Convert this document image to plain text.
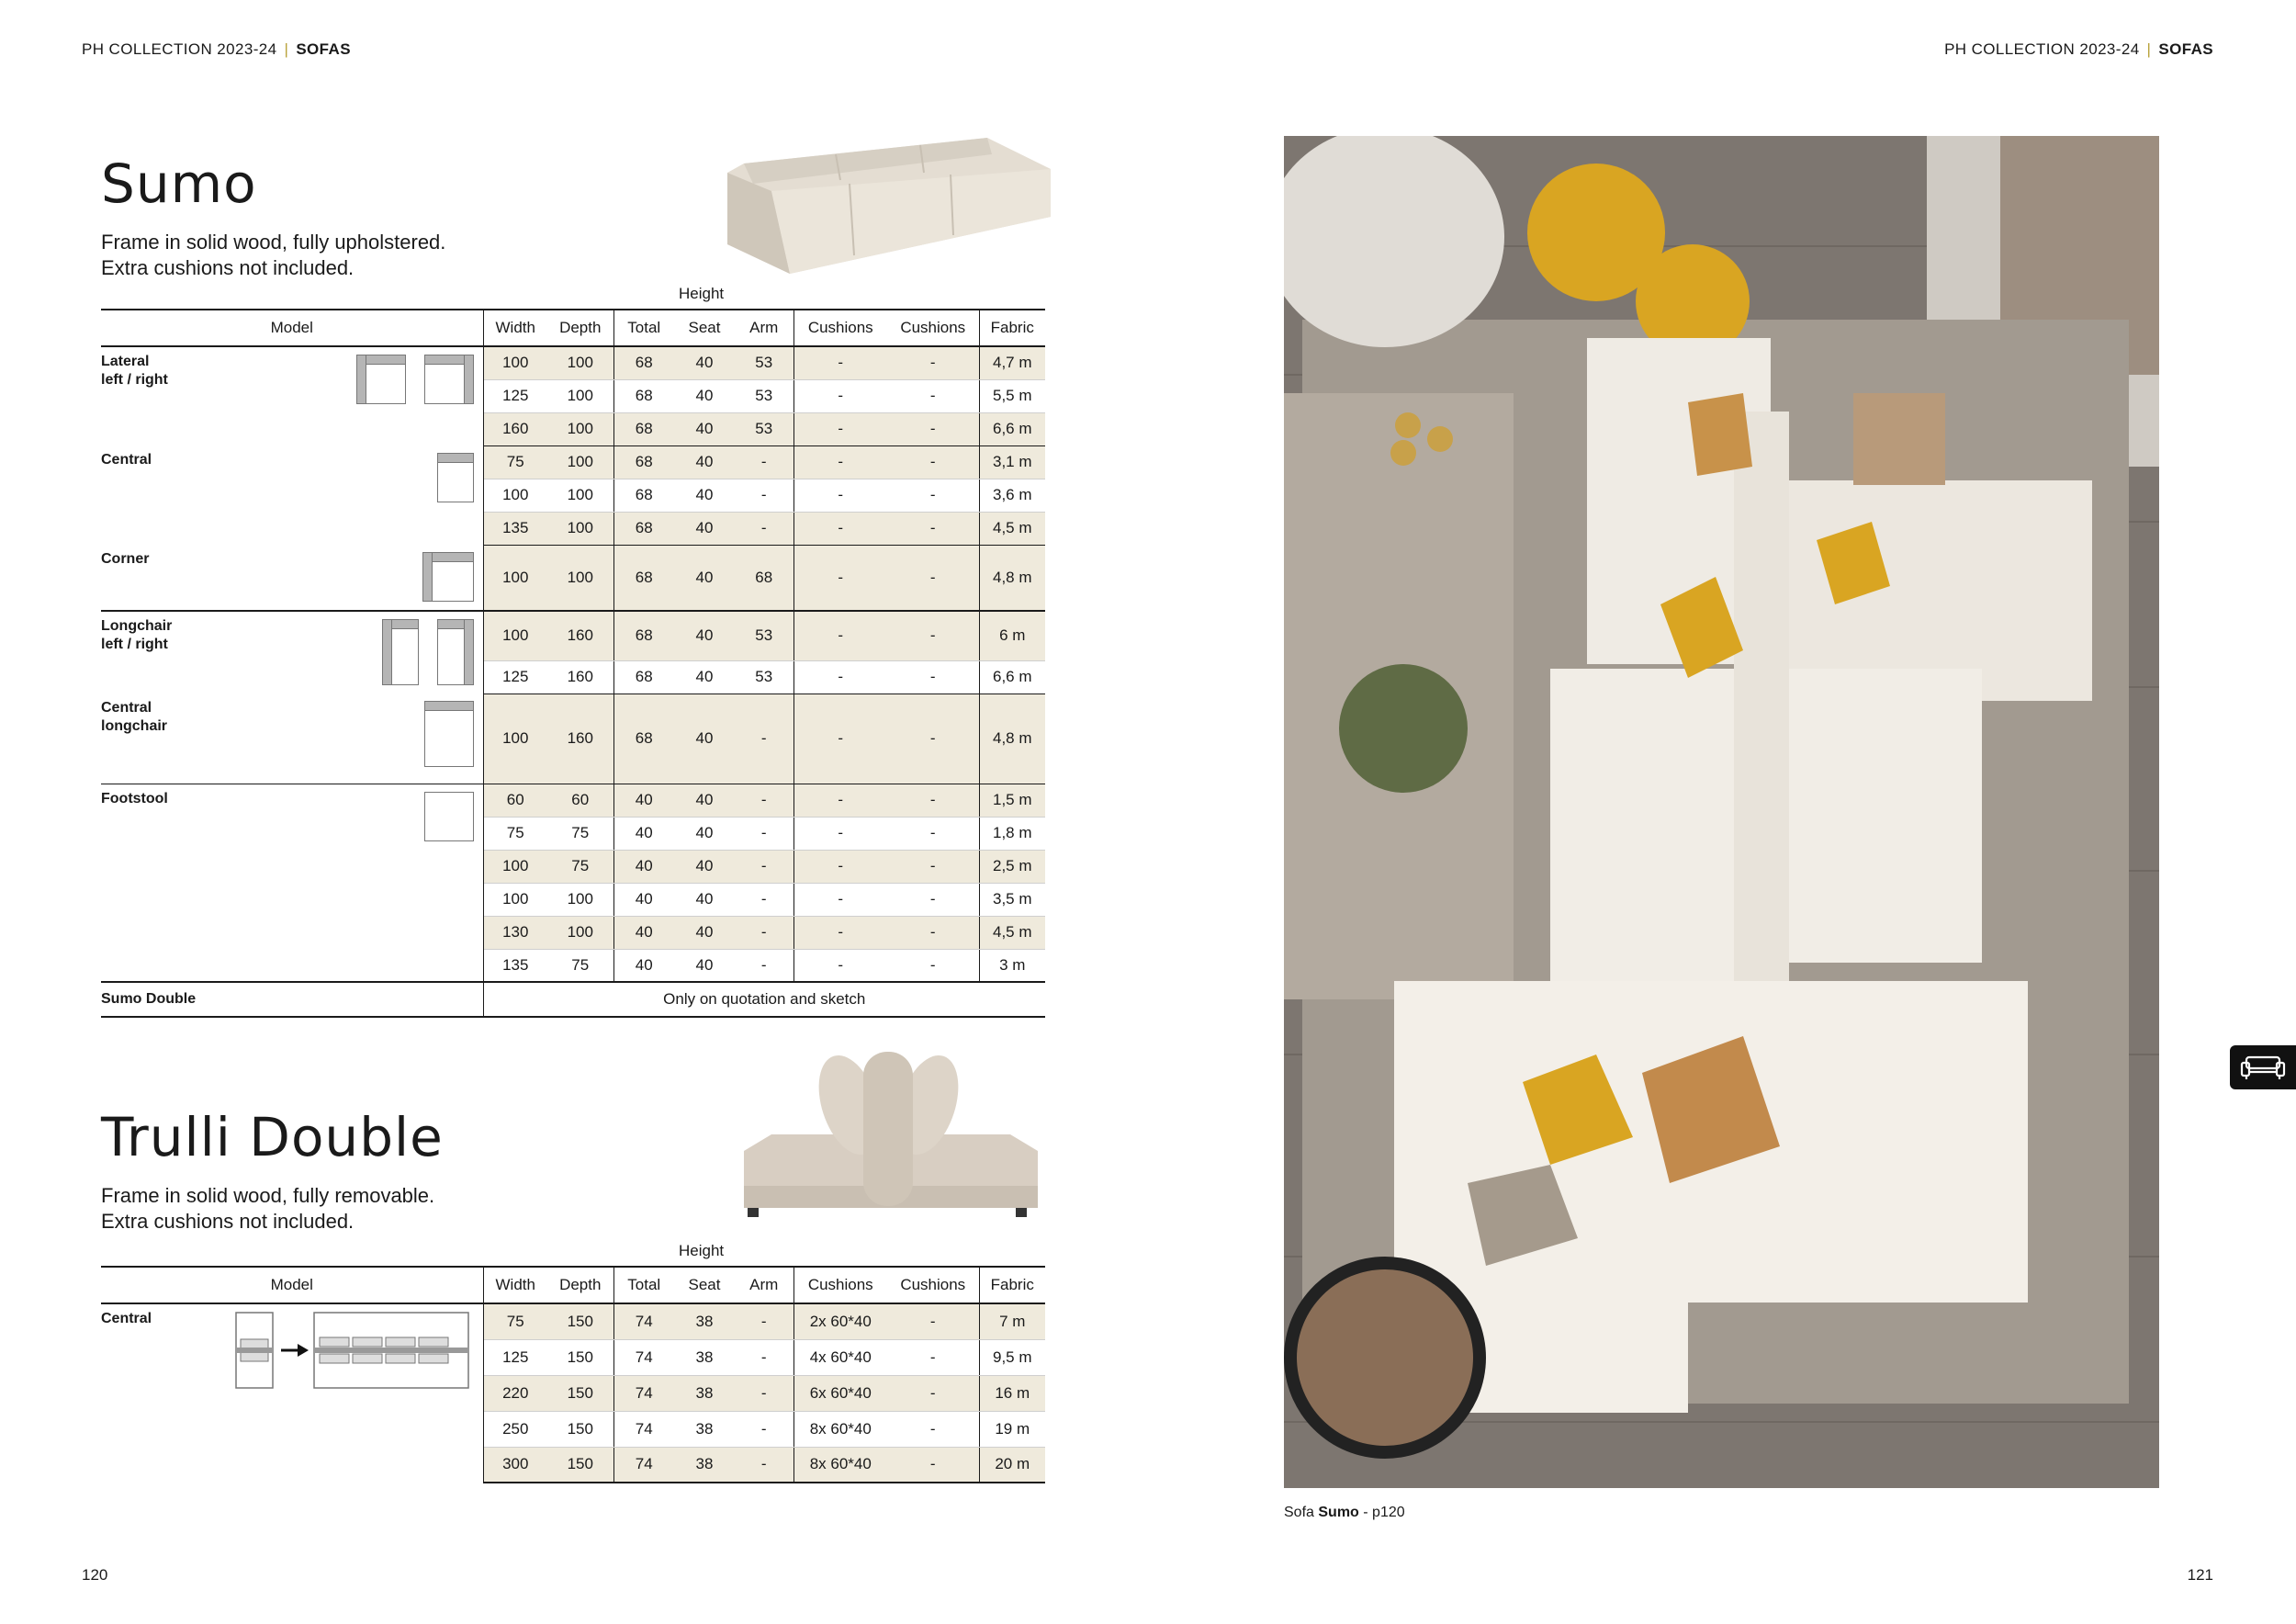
PH COLLECTION 2023-24 | SOFAS	PH COLLECTION 2023-24 | SOFAS
Sumo
Frame in solid wood, fully upholstered.
Extra cushions not included.
Height
Model	Width	Depth	Total	Seat	Arm	Cushions	Cushions	Fabric
Lateral
left / right	100	100	68	40	53	-	-	4,7 m
	125	100	68	40	53	-	-	5,5 m
	160	100	68	40	53	-	-	6,6 m
Central	75	100	68	40	-	-	-	3,1 m
	100	100	68	40	-	-	-	3,6 m
	135	100	68	40	-	-	-	4,5 m
Corner	100	100	68	40	68	-	-	4,8 m
Longchair
left / right	100	160	68	40	53	-	-	6 m
	125	160	68	40	53	-	-	6,6 m
Central
longchair	100	160	68	40	-	-	-	4,8 m
Footstool	60	60	40	40	-	-	-	1,5 m
	75	75	40	40	-	-	-	1,8 m
	100	75	40	40	-	-	-	2,5 m
	100	100	40	40	-	-	-	3,5 m
	130	100	40	40	-	-	-	4,5 m
	135	75	40	40	-	-	-	3 m
Sumo Double	Only on quotation and sketch							
Trulli Double
Frame in solid wood, fully removable.
Extra cushions not included.
Height
Model	Width	Depth	Total	Seat	Arm	Cushions	Cushions	Fabric
Central	75	150	74	38	-	2x 60*40	-	7 m
	125	150	74	38	-	4x 60*40	-	9,5 m
	220	150	74	38	-	6x 60*40	-	16 m
	250	150	74	38	-	8x 60*40	-	19 m
	300	150	74	38	-	8x 60*40	-	20 m
Sofa Sumo - p120
120	121
